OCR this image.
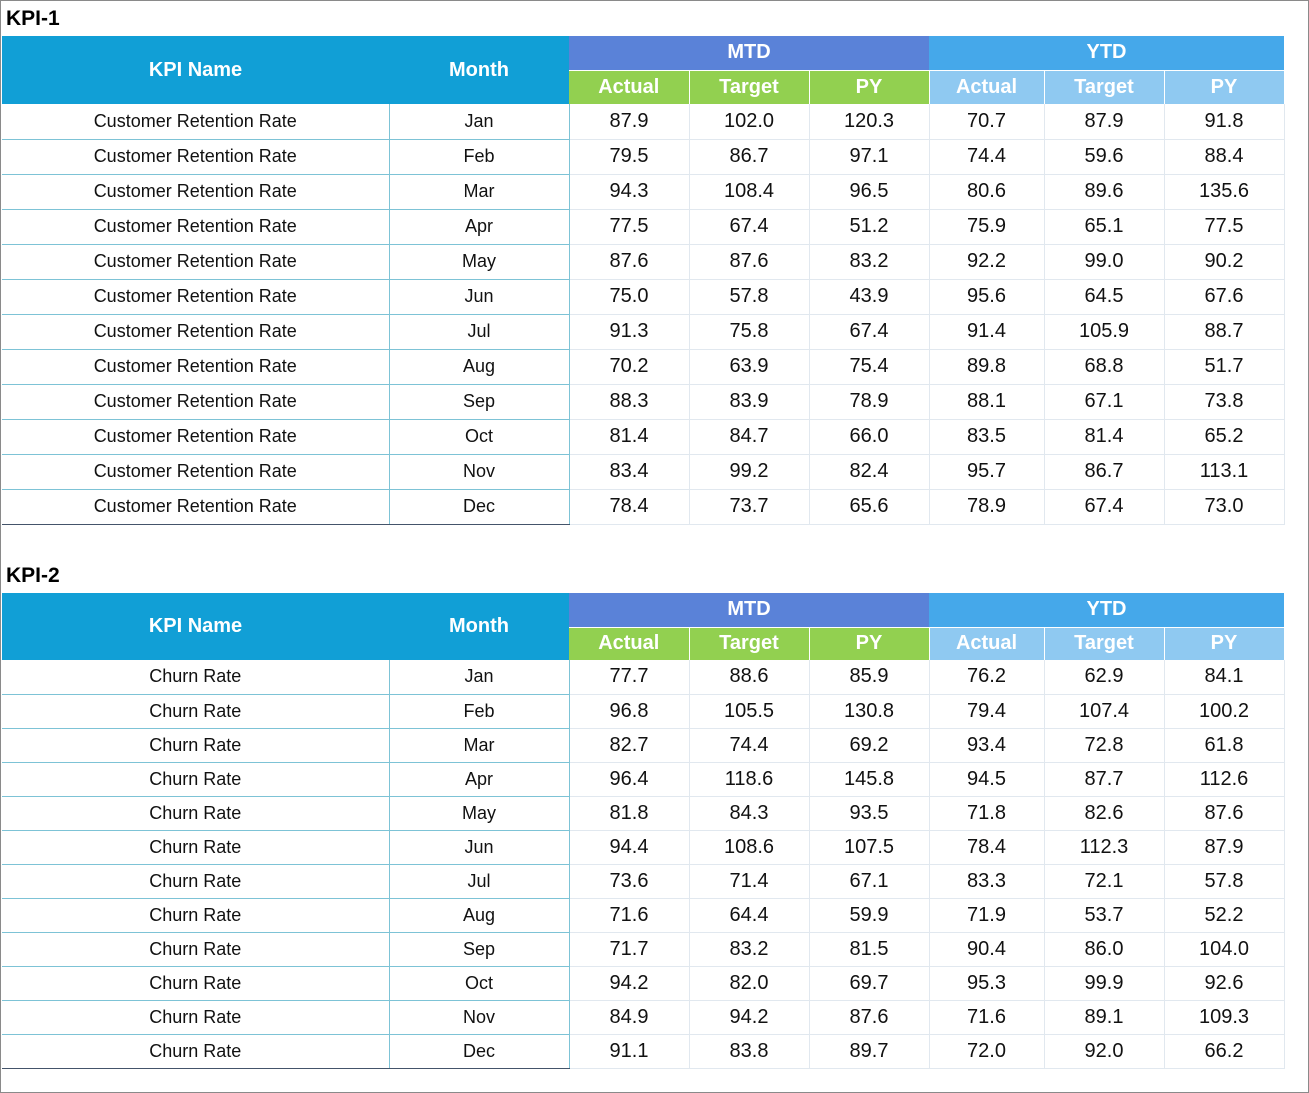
KPI-1
KPI Name	Month	MTD	YTD
Actual	Target	PY	Actual	Target	PY
Customer Retention Rate	Jan	87.9	102.0	120.3	70.7	87.9	91.8
Customer Retention Rate	Feb	79.5	86.7	97.1	74.4	59.6	88.4
Customer Retention Rate	Mar	94.3	108.4	96.5	80.6	89.6	135.6
Customer Retention Rate	Apr	77.5	67.4	51.2	75.9	65.1	77.5
Customer Retention Rate	May	87.6	87.6	83.2	92.2	99.0	90.2
Customer Retention Rate	Jun	75.0	57.8	43.9	95.6	64.5	67.6
Customer Retention Rate	Jul	91.3	75.8	67.4	91.4	105.9	88.7
Customer Retention Rate	Aug	70.2	63.9	75.4	89.8	68.8	51.7
Customer Retention Rate	Sep	88.3	83.9	78.9	88.1	67.1	73.8
Customer Retention Rate	Oct	81.4	84.7	66.0	83.5	81.4	65.2
Customer Retention Rate	Nov	83.4	99.2	82.4	95.7	86.7	113.1
Customer Retention Rate	Dec	78.4	73.7	65.6	78.9	67.4	73.0
KPI-2
KPI Name	Month	MTD	YTD
Actual	Target	PY	Actual	Target	PY
Churn Rate	Jan	77.7	88.6	85.9	76.2	62.9	84.1
Churn Rate	Feb	96.8	105.5	130.8	79.4	107.4	100.2
Churn Rate	Mar	82.7	74.4	69.2	93.4	72.8	61.8
Churn Rate	Apr	96.4	118.6	145.8	94.5	87.7	112.6
Churn Rate	May	81.8	84.3	93.5	71.8	82.6	87.6
Churn Rate	Jun	94.4	108.6	107.5	78.4	112.3	87.9
Churn Rate	Jul	73.6	71.4	67.1	83.3	72.1	57.8
Churn Rate	Aug	71.6	64.4	59.9	71.9	53.7	52.2
Churn Rate	Sep	71.7	83.2	81.5	90.4	86.0	104.0
Churn Rate	Oct	94.2	82.0	69.7	95.3	99.9	92.6
Churn Rate	Nov	84.9	94.2	87.6	71.6	89.1	109.3
Churn Rate	Dec	91.1	83.8	89.7	72.0	92.0	66.2
